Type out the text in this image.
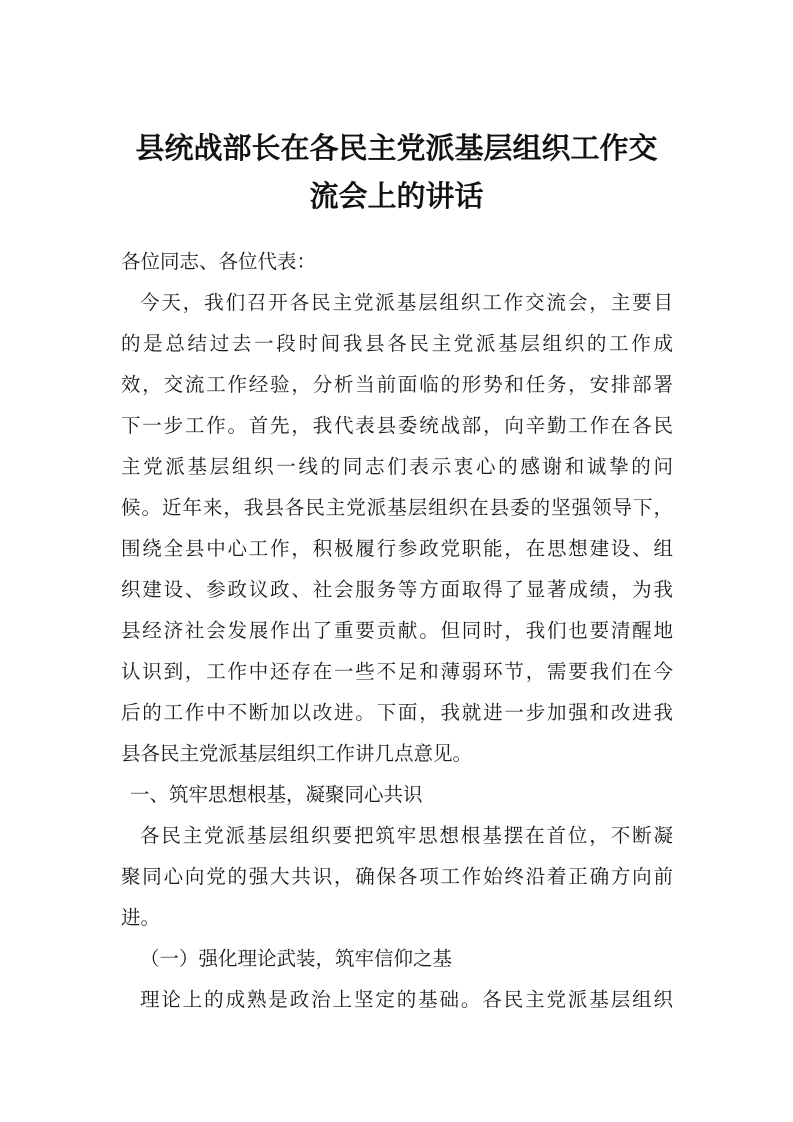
县统战部长在各民主党派基层组织工作交
流会上的讲话
各位同志、各位代表：
今天，我们召开各民主党派基层组织工作交流会，主要目
的是总结过去一段时间我县各民主党派基层组织的工作成
效，交流工作经验，分析当前面临的形势和任务，安排部署
下一步工作。首先，我代表县委统战部，向辛勤工作在各民
主党派基层组织一线的同志们表示衷心的感谢和诚挚的问
候。近年来，我县各民主党派基层组织在县委的坚强领导下，
围绕全县中心工作，积极履行参政党职能，在思想建设、组
织建设、参政议政、社会服务等方面取得了显著成绩，为我
县经济社会发展作出了重要贡献。但同时，我们也要清醒地
认识到，工作中还存在一些不足和薄弱环节，需要我们在今
后的工作中不断加以改进。下面，我就进一步加强和改进我
县各民主党派基层组织工作讲几点意见。
一、筑牢思想根基，凝聚同心共识
各民主党派基层组织要把筑牢思想根基摆在首位，不断凝
聚同心向党的强大共识，确保各项工作始终沿着正确方向前
进。
（一）强化理论武装，筑牢信仰之基
理论上的成熟是政治上坚定的基础。各民主党派基层组织
